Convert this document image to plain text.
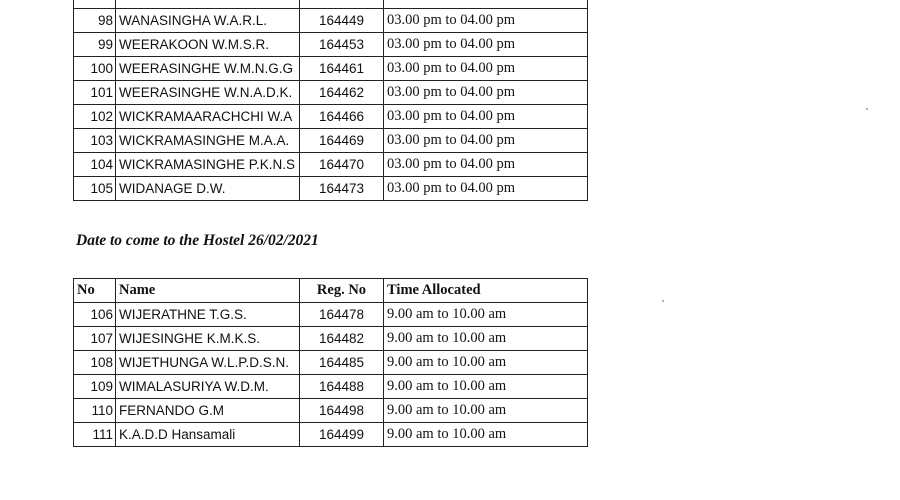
98	WANASINGHA W.A.R.L.	164449	03.00 pm to 04.00 pm
99	WEERAKOON W.M.S.R.	164453	03.00 pm to 04.00 pm
100	WEERASINGHE W.M.N.G.G	164461	03.00 pm to 04.00 pm
101	WEERASINGHE W.N.A.D.K.	164462	03.00 pm to 04.00 pm
102	WICKRAMAARACHCHI W.A	164466	03.00 pm to 04.00 pm
103	WICKRAMASINGHE M.A.A.	164469	03.00 pm to 04.00 pm
104	WICKRAMASINGHE P.K.N.S	164470	03.00 pm to 04.00 pm
105	WIDANAGE D.W.	164473	03.00 pm to 04.00 pm
Date to come to the Hostel 26/02/2021
No	Name	Reg. No	Time Allocated
106	WIJERATHNE T.G.S.	164478	9.00 am to 10.00 am
107	WIJESINGHE K.M.K.S.	164482	9.00 am to 10.00 am
108	WIJETHUNGA W.L.P.D.S.N.	164485	9.00 am to 10.00 am
109	WIMALASURIYA W.D.M.	164488	9.00 am to 10.00 am
110	FERNANDO G.M	164498	9.00 am to 10.00 am
111	K.A.D.D Hansamali	164499	9.00 am to 10.00 am
